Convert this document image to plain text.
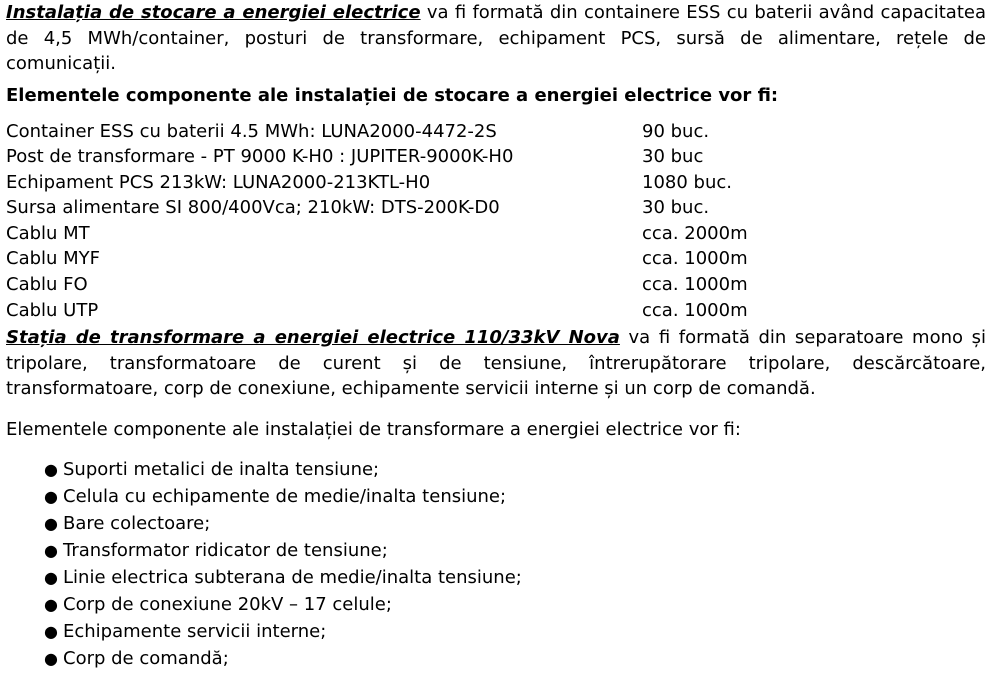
Instalația de stocare a energiei electrice va fi formată din containere ESS cu baterii având capacitatea de 4,5 MWh/container, posturi de transformare, echipament PCS, sursă de alimentare, rețele de comunicații.

Elementele componente ale instalației de stocare a energiei electrice vor fi:

Container ESS cu baterii 4.5 MWh: LUNA2000-4472-2S	90 buc.
Post de transformare - PT 9000 K-H0 : JUPITER-9000K-H0	30 buc
Echipament PCS 213kW: LUNA2000-213KTL-H0	1080 buc.
Sursa alimentare SI 800/400Vca; 210kW: DTS-200K-D0	30 buc.
Cablu MT	cca. 2000m
Cablu MYF	cca. 1000m
Cablu FO	cca. 1000m
Cablu UTP	cca. 1000m

Stația de transformare a energiei electrice 110/33kV Nova va fi formată din separatoare mono și tripolare, transformatoare de curent și de tensiune, întrerupătorare tripolare, descărcătoare, transformatoare, corp de conexiune, echipamente servicii interne și un corp de comandă.

Elementele componente ale instalației de transformare a energiei electrice vor fi:

● Suporti metalici de inalta tensiune;
● Celula cu echipamente de medie/inalta tensiune;
● Bare colectoare;
● Transformator ridicator de tensiune;
● Linie electrica subterana de medie/inalta tensiune;
● Corp de conexiune 20kV – 17 celule;
● Echipamente servicii interne;
● Corp de comandă;
